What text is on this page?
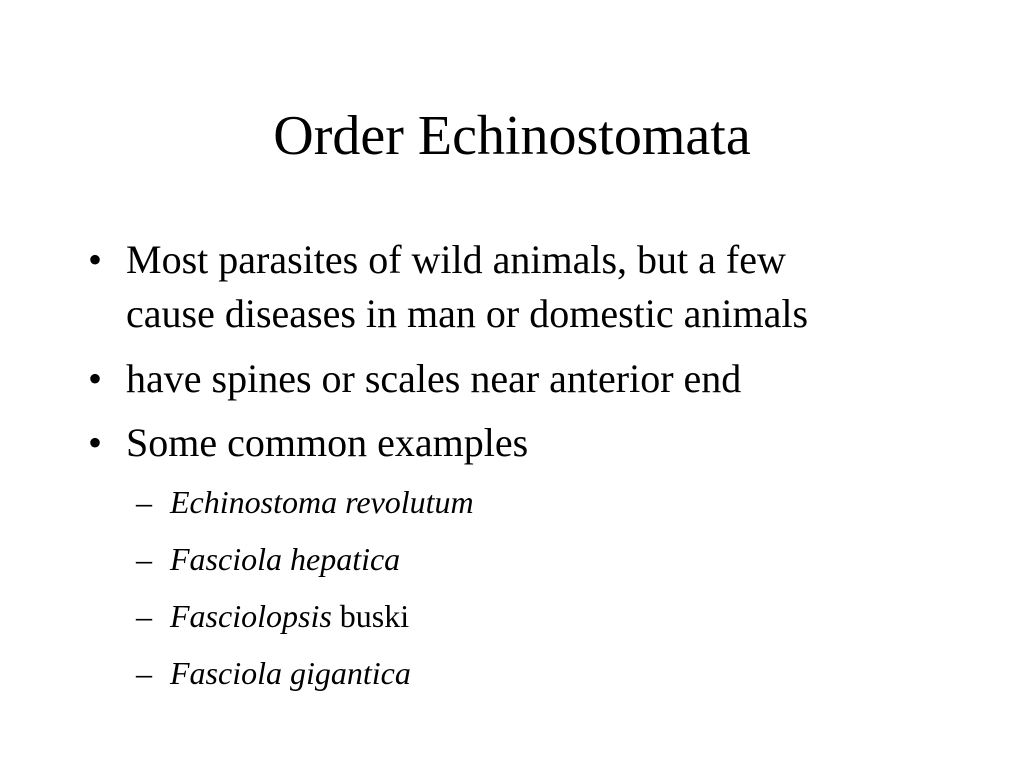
Order Echinostomata
• Most parasites of wild animals, but a few
cause diseases in man or domestic animals
• have spines or scales near anterior end
• Some common examples
– Echinostoma revolutum
– Fasciola hepatica
– Fasciolopsis buski
– Fasciola gigantica
